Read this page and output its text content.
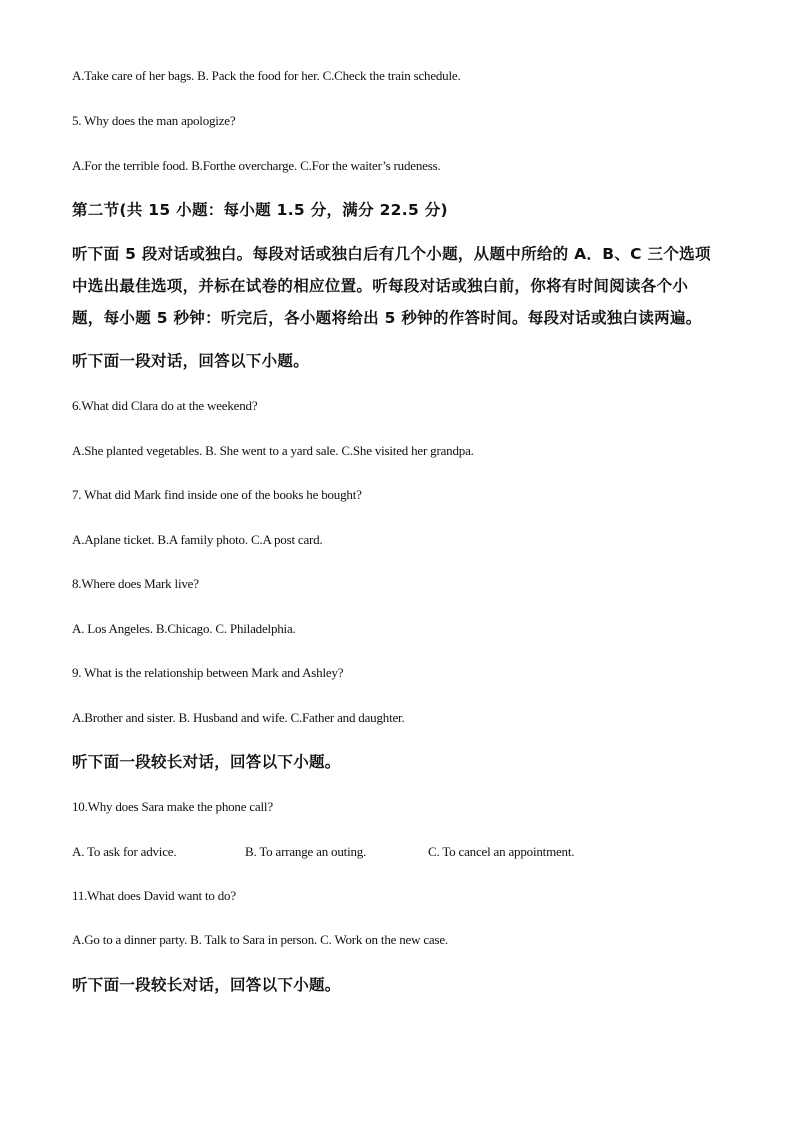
A.Take care of her bags. B. Pack the food for her. C.Check the train schedule.
5. Why does the man apologize?
A.For the terrible food. B.Forthe overcharge. C.For the waiter’s rudeness.
第二节(共 15 小题：每小题 1.5 分，满分 22.5 分)
听下面 5 段对话或独白。每段对话或独白后有几个小题，从题中所给的 A．B、C 三个选项
中选出最佳选项，并标在试卷的相应位置。听每段对话或独白前，你将有时间阅读各个小
题，每小题 5 秒钟：听完后，各小题将给出 5 秒钟的作答时间。每段对话或独白读两遍。
听下面一段对话，回答以下小题。
6.What did Clara do at the weekend?
A.She planted vegetables. B. She went to a yard sale. C.She visited her grandpa.
7. What did Mark find inside one of the books he bought?
A.Aplane ticket. B.A family photo. C.A post card.
8.Where does Mark live?
A. Los Angeles. B.Chicago. C. Philadelphia.
9. What is the relationship between Mark and Ashley?
A.Brother and sister. B. Husband and wife. C.Father and daughter.
听下面一段较长对话，回答以下小题。
10.Why does Sara make the phone call?
A. To ask for advice.	B. To arrange an outing.	C. To cancel an appointment.
11.What does David want to do?
A.Go to a dinner party. B. Talk to Sara in person. C. Work on the new case.
听下面一段较长对话，回答以下小题。
